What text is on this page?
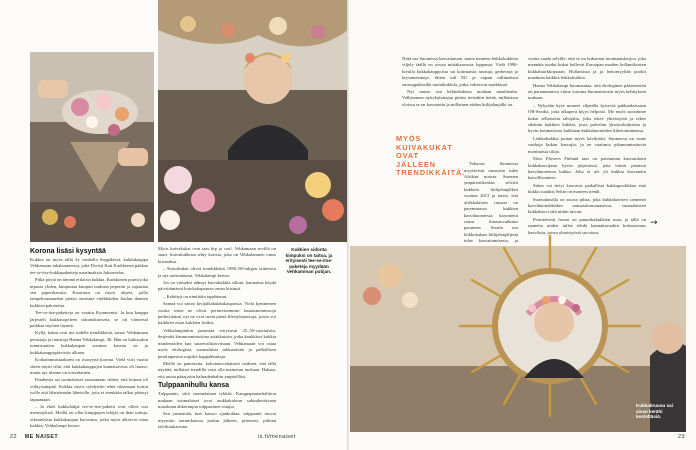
Korona lisäsi kysyntää

Kukkia on myös tällä 2y vanhalla Seppälässä, kukkakauppa Vehkamaan takahuoneessa, joka Doristi Kati Karkkonen pakkaa tee-se-itse-kukkapaketteja martimaksia Jaksontelas.

Pitkä pöytä on täynnä erilaisia kukkia. Karkkonen poimi joka nipusta yhden, kimputtaa kimpun tradrasa pepertin ja sujauttaa sen paperikassiin. Kassiinsa on myös ohjeet, joilla tampekommunkin pitäisi onnistua värikkäiden Joulun ihanien kukkien paketeista.

Tee-se-itse-paketteja on varattu Kymmenisi. Ja kun kauppa järjesteli kukkasopeleen sidontakursseia, se oli viimeistä paikkaa myöten täynnä.

Kyllä, kukat ovat nyt todella trendikkäitä, sanoo Vehkamaan perustaja ja omistaja Hanna Vehkalampi, 36. Hän on kukissakin tunnistuntien kukkakaupan suomen kassan sis ja kukkakauppapäivistös alkaen.

Koikainmuistaakseni on osasyynä korona. Vielä viisi vuotta sitten näytti siltä, että kukkakauppojen kannattavuus oli huono, mutta nyt tilanne on toisenlainen.

Pandemia sai suomalaiset satsaamaan siihen, että kotona oli viihtyisämpää. Kukkia myös ryhdyttiin tehtä tilaamaan kotiin isolle että lähettämään läheisille, joita ei etenkään talkai päässyt tapaamaan.

– Ja ehtei kukkalahjat tee-se-itse-paketit ovat olleet tosi menestyksiä. Meillä on ollut kimppujen tekijät on ihan tuttuja, oikeanlaisia kukkakaupan kurssinsa, jotka myös alkoivat ostaa kukkia, Vehkalampi kertoo.

Myös kuivakukat ovat taas hip ja cool. Vehkamaan sevillä on suurt, huivakukkista tehty kortsia, joka on Vehkalamnen omas kitsiaaksa.

– Kuivakukat olivat trendikkäitä 1980–90-lulrgen taitteessa ja nyt tuokenätamt, Vehkalampi kertoo.

Jos on viimeksi nähnyt kuivakukkia silloin, kannattaa käydä päivittämässä kuivkakupanssa oman kitsinsä.

– Kehittyä on nimittäin tapahtunut.

Samaa voi sanoa kivijalkakukkakaupoista. Vielä kymmenen vuotta sitten ne olivat perinteisemmin lasiaasnointiruoja perheyitäinä, nyt ne ovat usein pienä lifestylepuotoja, joista voi kaikkien ostaa kukkien lisäksi.

Vehkalampinkin panostaa erityisesti 25–50-vuotiaisiin, desjenttä kimmonnimoisina asiakkaisiin, jotka kaukkiosi kukkia muidenoiden kun suurevalittasviisaan. Vehkamaan voi ostaa myös ekologisia, suomalaisia tuhkasiestia ja palkallisen peselinpesien ostpilot kuppahkuttaja.

Meillä on panostettu. kokonaisvaltaiseni sisiksen, että tällä näyttää, millaiset trendilla voisi olla mainotun tuokaan. Haluan, että uniaa pääajoitin haluudenhahin ympärillösi.

Tulppaanihullu kansa

Tulppaanit, siitä suomalainen tykkää. Kauppapuutarhaliiton mukaan suomalaiset ovat arukkakuluun sakintkestävaan maailman ahkerimpia tulppaanien ostajia.

Sen ymmärtää, kun katsoo ajankohtaa: tulppaanit tuovat myyntiin tammikuussa joulun jälkeen, pimenisi, pitkinä talvikuukausina.

Kukkien sidonta kimpuksi on taitoa, ja erityisesti tee-se-itse-paketeja myydään Vehkamman putijan.
22 ME NAISET

Niitä saa Suomessa kasvattaman, mutta moneen leikkokukkien viljely täällä on ooosa mittakaavassa loppunut. Vielä 1990-luvulla kukkakauppoista sai kotimaisia ruusuja, gerberoja ja krysanteemeja. Sitten tuli EU ja vapaat tullimaksut eurooppalaisilla tuontikukkila, jotka valtasivat markkinat.

Nyt suurin osa leikkokukista tuodaan maailmalta. Vallitsemen nykykuluttajan pitäisi tietenkin tietää, millaisissa oloissa se on kasvatettu ja millainen niiden hiilijalanjälki on.

Valtaosa Suomessa myytävistä ruusuista tulee Afrikan maista. Suomen ympäristökeskus selvitti kukkien hiilijalanjälkeä vuonna 2013 ja totesi, että afrikkalaisen ruusun on paremmassa kukkien kasvihuoneessa kasvatettu ruusu ilmastovaikutus paraneen. Suurin osa leikkokukan hiilijalanjäljestä tulee kasvattamisesta, ja

MYÖS KUIVAKUKAT OVAT JÄLLEEN TRENDIKKÄITÄ.

vuotta saada selville, että se on kukonnut tuontumiskerjoa, joka mennäia tuodut kukat hollevat Euroopan maiden hollantilaisten kukkaluurkkopoaan. Hollantissa ja ja lentomyyliän pookit maalman kaikkia leikkokukkia.

Hanna Vehkalampi huomauttaa, että ekologinen pääsenesten on parannamissa viime vuosina huomattavasti myös kehityksen mukaan.

– Nykyään kyse moneet vilpeälla kyttyviä pakkaaksissaan OR-Seodia, joita alkuperä kiyys helposti. Me myös suosimme kukat sellaisesta tahojalta, joka tekee yhteistyötä ja tekee sikänän kukkien kukkia, josta palvelun yksityiskohtaisia ja hyvin kotimaisissa kukkiaan kukkahuoneiden liiketoiminnassa.

Leikkokukkia juotan myös kävikitäsi. Suomessa on sinne vanhoja kukan kasvajia, ja ne vaatimia pikanuuntautuvia moninaisia tiloja.

Slow Flowers Finland taas on paremman kasvatuksen kukkakasvijasta hyvin järjestössä, joka toimii pienissä kasvihuoneissa kukka. Joka ei ole yli kukkia kasvatettu kasvillisuuteen.

Sitten vai tietyt kasvavat paikallisia kukkapuolikkaa sinä kukkii ruuuksi Sekin on moneen trendi.

Suomalaisilla on suoria pihaa, joka kukkakasvien siemenet kasvihuoneidenkin uutuusskomonaisissa, suomalaisten kukkakasvi tätä niihin tavoin.

Perinteisesti fuomi on puutarhakukkien maa, ja tällä on saaneita niiden tullee tehdä kannattavaakin kokonaisuus kasviksia, joissa yhteistyöstä suvotasa.

→
Kukkakruunu sai aivan kerähi kestoltäsiä.
is.fi/menaiset	23
